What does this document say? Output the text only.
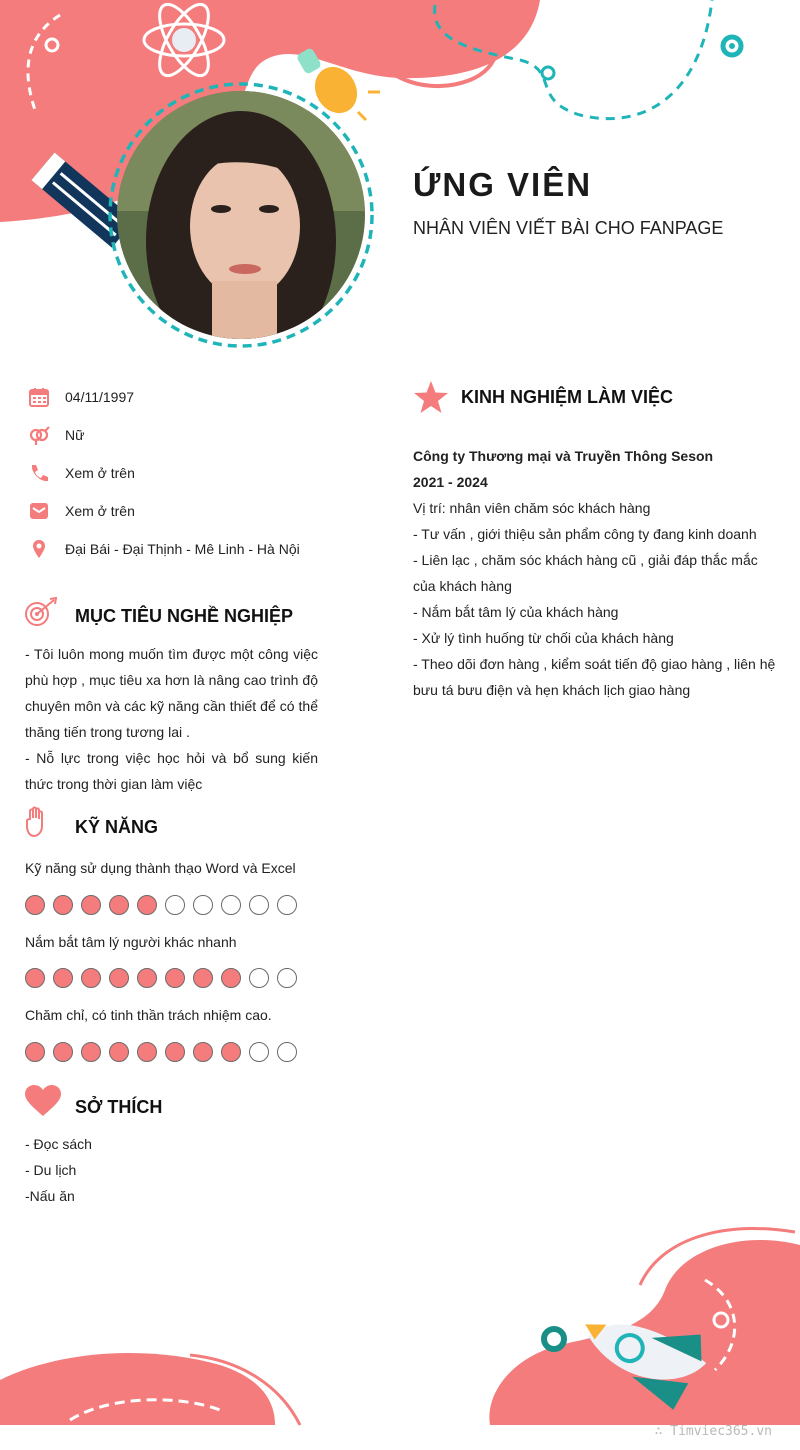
ỨNG VIÊN
NHÂN VIÊN VIẾT BÀI CHO FANPAGE
04/11/1997
Nữ
Xem ở trên
Xem ở trên
Đại Bái - Đại Thịnh - Mê Linh - Hà Nội
MỤC TIÊU NGHỀ NGHIỆP

- Tôi luôn mong muốn tìm được một công việc phù hợp , mục tiêu xa hơn là nâng cao trình độ chuyên môn và các kỹ năng cần thiết để có thể thăng tiến trong tương lai .

- Nỗ lực trong việc học hỏi và bổ sung kiến thức trong thời gian làm việc

KỸ NĂNG
Kỹ năng sử dụng thành thạo Word và Excel
Nắm bắt tâm lý người khác nhanh
Chăm chỉ, có tinh thần trách nhiệm cao.
SỞ THÍCH

- Đọc sách

- Du lịch

-Nấu ăn

KINH NGHIỆM LÀM VIỆC

Công ty Thương mại và Truyền Thông Seson

2021 - 2024

Vị trí: nhân viên chăm sóc khách hàng

- Tư vấn , giới thiệu sản phẩm công ty đang kinh doanh

- Liên lạc , chăm sóc khách hàng cũ , giải đáp thắc mắc của khách hàng

- Nắm bắt tâm lý của khách hàng

- Xử lý tình huống từ chối của khách hàng

- Theo dõi đơn hàng , kiểm soát tiến độ giao hàng , liên hệ bưu tá bưu điện và hẹn khách lịch giao hàng

∴ Timviec365.vn
